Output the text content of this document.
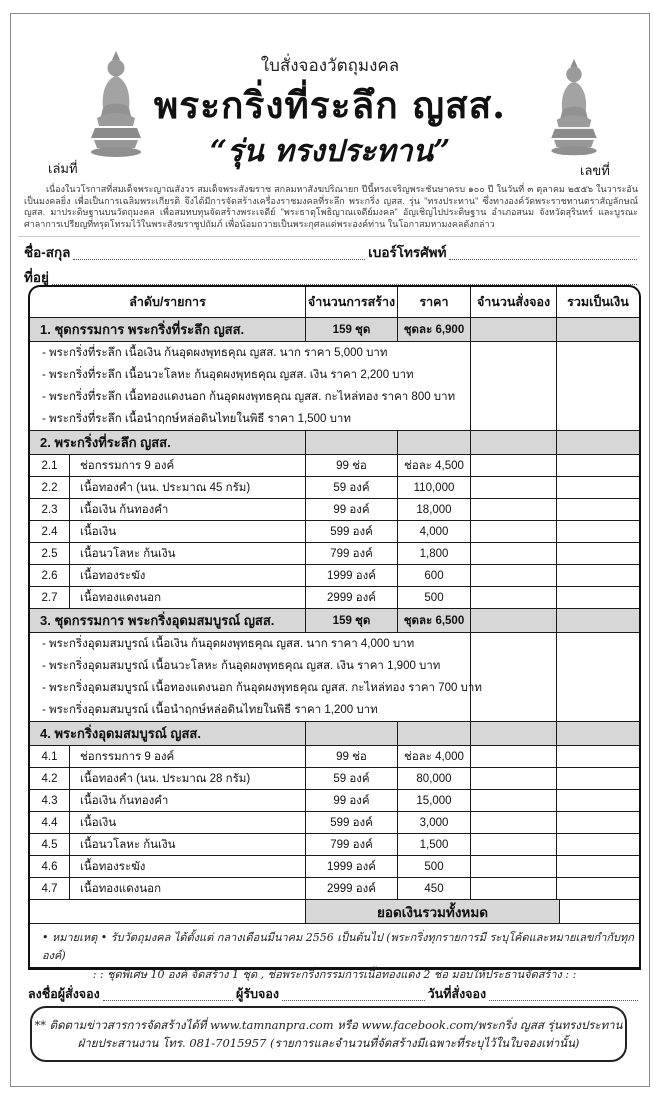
ใบสั่งจองวัตถุมงคล
พระกริ่งที่ระลึก ญสส.
“รุ่น ทรงประทาน”
เล่มที่	เลขที่
เนื่องในวโรกาสที่สมเด็จพระญาณสังวร สมเด็จพระสังฆราช สกลมหาสังฆปริณายก ปีนี้ทรงเจริญพระชันษาครบ ๑๐๐ ปี ในวันที่ ๓ ตุลาคม ๒๕๕๖ ในวาระอันเป็นมงคลยิ่ง เพื่อเป็นการเฉลิมพระเกียรติ จึงได้มีการจัดสร้างเครื่องราชมงคลที่ระลึก พระกริ่ง ญสส. รุ่น "ทรงประทาน" ซึ่งทางองค์วัดพระราชทานตราสัญลักษณ์ ญสส. มาประดิษฐานบนวัตถุมงคล เพื่อสมทบทุนจัดสร้างพระเจดีย์ "พระธาตุโพธิญาณเจดีย์มงคล" อัญเชิญไปประดิษฐาน อำเภอสนม จังหวัดสุรินทร์ และบูรณะศาลาการเปรียญที่ทรุดโทรมไว้ในพระสังฆราชูปถัมภ์ เพื่อน้อมถวายเป็นพระกุศลแด่พระองค์ท่าน ในโอกาสมหามงคลดังกล่าว
ชื่อ-สกุล	เบอร์โทรศัพท์
ที่อยู่
ลำดับ/รายการ	จำนวนการสร้าง	ราคา	จำนวนสั่งจอง	รวมเป็นเงิน
1. ชุดกรรมการ พระกริ่งที่ระลึก ญสส.	159 ชุด	ชุดละ 6,900
- พระกริ่งที่ระลึก เนื้อเงิน ก้นอุดผงพุทธคุณ ญสส. นาก ราคา 5,000 บาท
- พระกริ่งที่ระลึก เนื้อนวะโลหะ ก้นอุดผงพุทธคุณ ญสส. เงิน ราคา 2,200 บาท
- พระกริ่งที่ระลึก เนื้อทองแดงนอก ก้นอุดผงพุทธคุณ ญสส. กะไหล่ทอง ราคา 800 บาท
- พระกริ่งที่ระลึก เนื้อนำฤกษ์หล่อดินไทยในพิธี ราคา 1,500 บาท
2. พระกริ่งที่ระลึก ญสส.
2.1	ช่อกรรมการ 9 องค์	99 ช่อ	ช่อละ 4,500
2.2	เนื้อทองคำ (นน. ประมาณ 45 กรัม)	59 องค์	110,000
2.3	เนื้อเงิน ก้นทองคำ	99 องค์	18,000
2.4	เนื้อเงิน	599 องค์	4,000
2.5	เนื้อนวโลหะ ก้นเงิน	799 องค์	1,800
2.6	เนื้อทองระฆัง	1999 องค์	600
2.7	เนื้อทองแดงนอก	2999 องค์	500
3. ชุดกรรมการ พระกริ่งอุดมสมบูรณ์ ญสส.	159 ชุด	ชุดละ 6,500
- พระกริ่งอุดมสมบูรณ์ เนื้อเงิน ก้นอุดผงพุทธคุณ ญสส. นาก ราคา 4,000 บาท
- พระกริ่งอุดมสมบูรณ์ เนื้อนวะโลหะ ก้นอุดผงพุทธคุณ ญสส. เงิน ราคา 1,900 บาท
- พระกริ่งอุดมสมบูรณ์ เนื้อทองแดงนอก ก้นอุดผงพุทธคุณ ญสส. กะไหล่ทอง ราคา 700 บาท
- พระกริ่งอุดมสมบูรณ์ เนื้อนำฤกษ์หล่อดินไทยในพิธี ราคา 1,200 บาท
4. พระกริ่งอุดมสมบูรณ์ ญสส.
4.1	ช่อกรรมการ 9 องค์	99 ช่อ	ช่อละ 4,000
4.2	เนื้อทองคำ (นน. ประมาณ 28 กรัม)	59 องค์	80,000
4.3	เนื้อเงิน ก้นทองคำ	99 องค์	15,000
4.4	เนื้อเงิน	599 องค์	3,000
4.5	เนื้อนวโลหะ ก้นเงิน	799 องค์	1,500
4.6	เนื้อทองระฆัง	1999 องค์	500
4.7	เนื้อทองแดงนอก	2999 องค์	450
ยอดเงินรวมทั้งหมด
• หมายเหตุ • รับวัตถุมงคล ได้ตั้งแต่ กลางเดือนมีนาคม 2556 เป็นต้นไป (พระกริ่งทุกรายการมี ระบุโค้ดและหมายเลขกำกับทุกองค์)
: : ชุดพิเศษ 10 องค์ จัดสร้าง 1 ชุด , ช่อพระกริ่งกรรมการเนื้อทองแดง 2 ช่อ มอบให้ประธานจัดสร้าง : :
ลงชื่อผู้สั่งจอง	ผู้รับจอง	วันที่สั่งจอง
** ติดตามข่าวสารการจัดสร้างได้ที่ www.tamnanpra.com หรือ www.facebook.com/พระกริ่ง ญสส รุ่นทรงประทาน
ฝ่ายประสานงาน โทร. 081-7015957 (รายการและจำนวนที่จัดสร้างมีเฉพาะที่ระบุไว้ในใบจองเท่านั้น)
